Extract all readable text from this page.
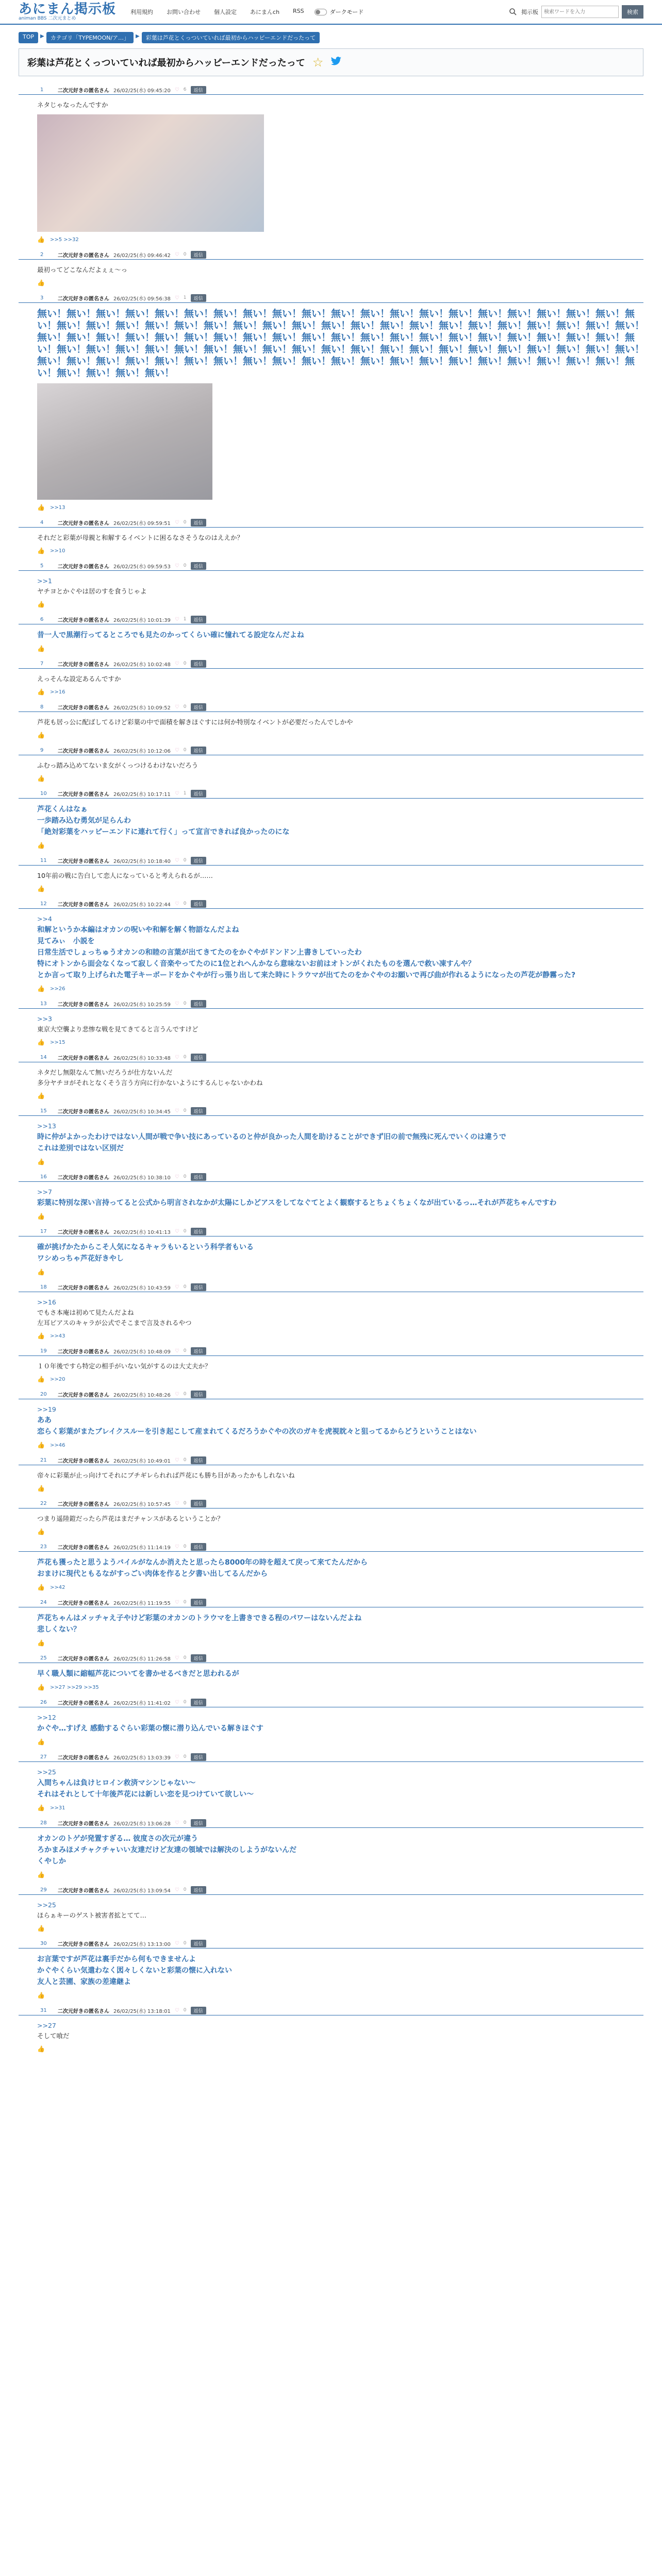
あにまん掲示板
animan BBS 二次元まとめ
利用規約 お問い合わせ 個人設定 あにまんch RSS	ダークモード	掲示板
検索ワードを入力	検索
TOP	▶	カテゴリ「TYPEMOON/ア…」	▶	彩葉は芦花とくっついていれば最初からハッピーエンドだったって
彩葉は芦花とくっついていれば最初からハッピーエンドだったって ☆
1	二次元好きの匿名さん 26/02/25(水) 09:45:20 ♡ 6	返信
ネタじゃなったんですか
👍 >>5 >>32
2	二次元好きの匿名さん 26/02/25(水) 09:46:42 ♡ 0	返信
最初ってどこなんだよぇぇ〜っ
👍
3	二次元好きの匿名さん 26/02/25(水) 09:56:38 ♡ 1	返信
無い！無い！無い！無い！無い！無い！無い！無い！無い！無い！無い！無い！無い！無い！無い！無い！無い！無い！無い！無い！無い！無い！無い！無い！無い！無い！無い！無い！無い！無い！無い！無い！無い！無い！無い！無い！無い！無い！無い！無い！無い！無い！無い！無い！無い！無い！無い！無い！無い！無い！無い！無い！無い！無い！無い！無い！無い！無い！無い！無い！無い！無い！無い！無い！無い！無い！無い！無い！無い！無い！無い！無い！無い！無い！無い！無い！無い！無い！無い！無い！無い！無い！無い！無い！無い！無い！無い！無い！無い！無い！無い！無い！無い！無い！無い！無い！無い！無い！無い！無い！無い！無い！無い！無い！無い！無い！無い！
👍 >>13
4	二次元好きの匿名さん 26/02/25(水) 09:59:51 ♡ 0	返信
それだと彩葉が母親と和解するイベントに困るなさそうなのはええか？
👍 >>10
5	二次元好きの匿名さん 26/02/25(水) 09:59:53 ♡ 0	返信
>>1
ヤチヨとかぐやは居のすを食うじゃよ
👍
6	二次元好きの匿名さん 26/02/25(水) 10:01:39 ♡ 1	返信
昔一人で黒潮行ってるところでも見たのかってくらい確に憧れてる設定なんだよね
👍
7	二次元好きの匿名さん 26/02/25(水) 10:02:48 ♡ 0	返信
えっそんな設定あるんですか
👍 >>16
8	二次元好きの匿名さん 26/02/25(水) 10:09:52 ♡ 0	返信
芦花も居っ公に配ばしてるけど彩葉の中で面積を解きほぐすには何か特別なイベントが必要だったんでしかや
👍
9	二次元好きの匿名さん 26/02/25(水) 10:12:06 ♡ 0	返信
ふむっ踏み込めてないま女がくっつけるわけないだろう
👍
10	二次元好きの匿名さん 26/02/25(水) 10:17:11 ♡ 1	返信
芦花くんはなぁ
一歩踏み込む勇気が足らんわ
「絶対彩葉をハッピーエンドに連れて行く」って宣言できれば良かったのにな
👍
11	二次元好きの匿名さん 26/02/25(水) 10:18:40 ♡ 0	返信
10年前の戦に告白して恋人になっていると考えられるが……
👍
12	二次元好きの匿名さん 26/02/25(水) 10:22:44 ♡ 0	返信
>>4
和解というか本編はオカンの呪いや和解を解く物語なんだよね
見てみぃ　小説を
日常生活でしょっちゅうオカンの和睦の言葉が出てきてたのをかぐやがドンドン上書きしていったわ
特にオトンから面会なくなって寂しく音楽やってたのに1位とれへんかなら意味ないお前はオトンがくれたものを選んで救い凍すんや？
とか言って取り上げられた電子キーボードをかぐやが行っ張り出して来た時にトラウマが出てたのをかぐやのお願いで再び曲が作れるようになったの芦花が静霧った?
👍 >>26
13	二次元好きの匿名さん 26/02/25(水) 10:25:59 ♡ 0	返信
>>3
東京大空襲より悲惨な戦を見てきてると言うんですけど
👍 >>15
14	二次元好きの匿名さん 26/02/25(水) 10:33:48 ♡ 0	返信
ネタだし無限なんて無いだろうが仕方ないんだ
多分ヤチヨがそれとなくそう言う方向に行かないようにするんじゃないかわね
👍
15	二次元好きの匿名さん 26/02/25(水) 10:34:45 ♡ 0	返信
>>13
時に仲がよかったわけではない人間が戦で争い技にあっているのと仲が良かった人間を助けることができず旧の前で無残に死んでいくのは違うで
これは差別ではない区別だ
👍
16	二次元好きの匿名さん 26/02/25(水) 10:38:10 ♡ 0	返信
>>7
彩葉に特別な深い言持ってると公式から明言されなかが太陽にしかどアスをしてなぐてとよく観察するとちょくちょくなが出ているっ…それが芦花ちゃんですわ
👍
17	二次元好きの匿名さん 26/02/25(水) 10:41:13 ♡ 0	返信
確が挑げかたからこそ人気になるキャラもいるという科学者もいる
ワシめっちゃ芦花好きやし
👍
18	二次元好きの匿名さん 26/02/25(水) 10:43:59 ♡ 0	返信
>>16
でもさ本庵は初めて見たんだよね
左耳ピアスのキャラが公式でそこまで言及されるやつ
👍 >>43
19	二次元好きの匿名さん 26/02/25(水) 10:48:09 ♡ 0	返信
１０年後ですら特定の相手がいない気がするのは大丈夫か？
👍 >>20
20	二次元好きの匿名さん 26/02/25(水) 10:48:26 ♡ 0	返信
>>19
ああ
恋らく彩葉がまたブレイクスルーを引き起こして産まれてくるだろうかぐやの次のガキを虎視眈々と狙ってるからどうということはない
👍 >>46
21	二次元好きの匿名さん 26/02/25(水) 10:49:01 ♡ 0	返信
帝々に彩葉が止っ向けてそれにブチギレられれば芦花にも勝ち目があったかもしれないね
👍
22	二次元好きの匿名さん 26/02/25(水) 10:57:45 ♡ 0	返信
つまり遥陸鎧だったら芦花はまだチャンスがあるということか？
👍
23	二次元好きの匿名さん 26/02/25(水) 11:14:19 ♡ 0	返信
芦花も獲ったと思うようバイルがなんか消えたと思ったら8000年の時を超えて戻って来てたんだから
おまけに現代ともるながすっごい肉体を作ると夕書い出してるんだから
👍 >>42
24	二次元好きの匿名さん 26/02/25(水) 11:19:55 ♡ 0	返信
芦花ちゃんはメッチャえ子やけど彩葉のオカンのトラウマを上書きできる程のパワーはないんだよね
悲しくない？
👍
25	二次元好きの匿名さん 26/02/25(水) 11:26:58 ♡ 0	返信
早く職人類に縮幅芦花についてを書かせるべきだと思われるが
👍 >>27 >>29 >>35
26	二次元好きの匿名さん 26/02/25(水) 11:41:02 ♡ 0	返信
>>12
かぐや…すげえ 感動するぐらい彩葉の懐に潜り込んでいる解きほぐす
👍
27	二次元好きの匿名さん 26/02/25(水) 13:03:39 ♡ 0	返信
>>25
入間ちゃんは負けヒロイン救済マシンじゃない〜
それはそれとして十年後芦花には新しい恋を見つけていて欲しい〜
👍 >>31
28	二次元好きの匿名さん 26/02/25(水) 13:06:28 ♡ 0	返信
オカンのトゲが発置すぎる… 彼度さの次元が違う
ろかまみほメチャクチャいい友達だけど友達の領域では解決のしようがないんだ
くやしか
👍
29	二次元好きの匿名さん 26/02/25(水) 13:09:54 ♡ 0	返信
>>25
ほらぁキーのゲスト被害者拡とてて…
👍
30	二次元好きの匿名さん 26/02/25(水) 13:13:00 ♡ 0	返信
お言葉ですが芦花は裏手だから何もできませんよ
かぐやくらい気遣わなく図々しくないと彩葉の懐に入れない
友人と芸圃、家族の差違継よ
👍
31	二次元好きの匿名さん 26/02/25(水) 13:18:01 ♡ 0	返信
>>27
そして喰だ
👍
